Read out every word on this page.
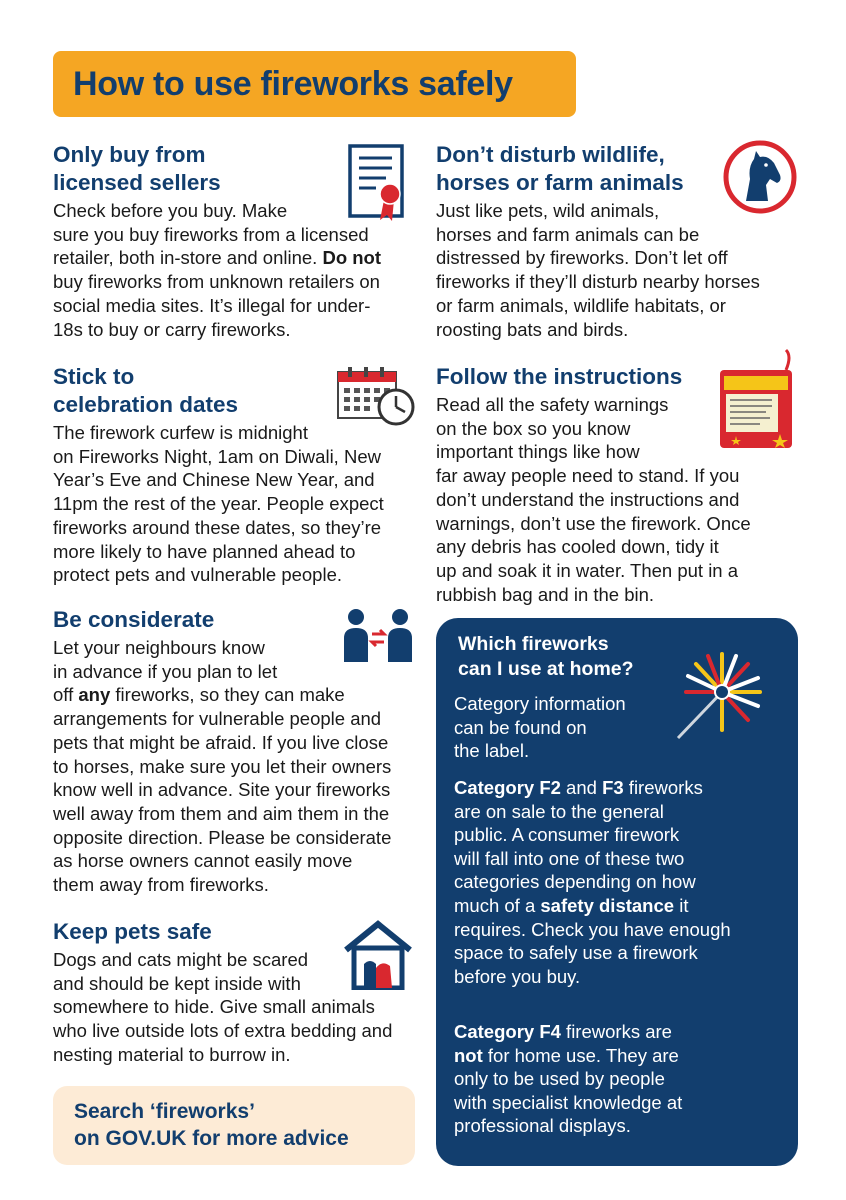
How to use fireworks safely
Only buy from
licensed sellers

Check before you buy. Make
sure you buy fireworks from a licensed
retailer, both in-store and online. Do not
buy fireworks from unknown retailers on
social media sites. It’s illegal for under-
18s to buy or carry fireworks.

Stick to
celebration dates

The firework curfew is midnight
on Fireworks Night, 1am on Diwali, New
Year’s Eve and Chinese New Year, and
11pm the rest of the year. People expect
fireworks around these dates, so they’re
more likely to have planned ahead to
protect pets and vulnerable people.

Be considerate

Let your neighbours know
in advance if you plan to let
off any fireworks, so they can make
arrangements for vulnerable people and
pets that might be afraid. If you live close
to horses, make sure you let their owners
know well in advance. Site your fireworks
well away from them and aim them in the
opposite direction. Please be considerate
as horse owners cannot easily move
them away from fireworks.

Keep pets safe

Dogs and cats might be scared
and should be kept inside with
somewhere to hide. Give small animals
who live outside lots of extra bedding and
nesting material to burrow in.

Don’t disturb wildlife,
horses or farm animals

Just like pets, wild animals,
horses and farm animals can be
distressed by fireworks. Don’t let off
fireworks if they’ll disturb nearby horses
or farm animals, wildlife habitats, or
roosting bats and birds.

Follow the instructions

Read all the safety warnings
on the box so you know
important things like how
far away people need to stand. If you
don’t understand the instructions and
warnings, don’t use the firework. Once
any debris has cooled down, tidy it
up and soak it in water. Then put in a
rubbish bag and in the bin.

Which fireworks
can I use at home?

Category information
can be found on
the label.

Category F2 and F3 fireworks
are on sale to the general
public. A consumer firework
will fall into one of these two
categories depending on how
much of a safety distance it
requires. Check you have enough
space to safely use a firework
before you buy.

Category F4 fireworks are
not for home use. They are
only to be used by people
with specialist knowledge at
professional displays.

Search ‘fireworks’
on GOV.UK for more advice
